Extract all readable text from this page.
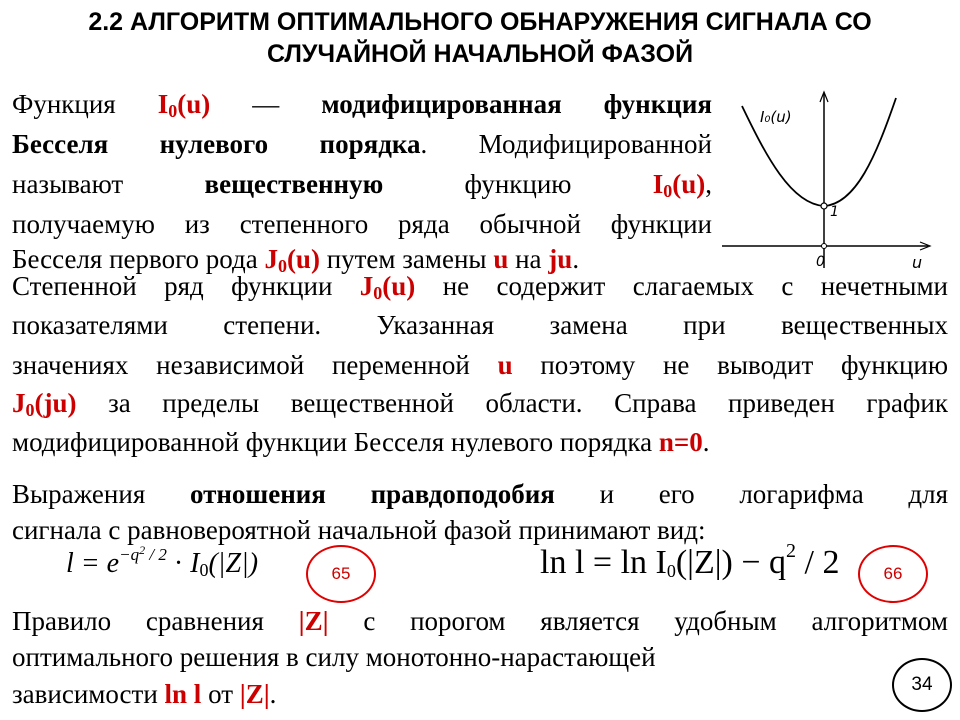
2.2 АЛГОРИТМ ОПТИМАЛЬНОГО ОБНАРУЖЕНИЯ СИГНАЛА СО
СЛУЧАЙНОЙ НАЧАЛЬНОЙ ФАЗОЙ
Функция $I_0(u)$ — модифицированная функция
Бесселя нулевого порядка. Модифицированной
называют вещественную функцию $I_0(u)$,
получаемую из степенного ряда обычной функции
Бесселя первого рода $J_0(u)$ путем замены u на ju.
I₀(u)
1
0	u
Степенной ряд функции $J_0(u)$ не содержит слагаемых с нечетными
показателями степени. Указанная замена при вещественных
значениях независимой переменной u поэтому не выводит функцию
$J_0(ju)$ за пределы вещественной области. Справа приведен график
модифицированной функции Бесселя нулевого порядка n=0.
Выражения отношения правдоподобия и его логарифма для
сигнала с равновероятной начальной фазой принимают вид:
$l = e^{-q^2 / 2} \cdot I_0(|Z|)$	65	$\ln l = \ln I_0(|Z|) - q^2 / 2$	66
Правило сравнения |Z| с порогом является удобным алгоритмом
оптимального решения в силу монотонно-нарастающей
зависимости ln l от |Z|.	34
